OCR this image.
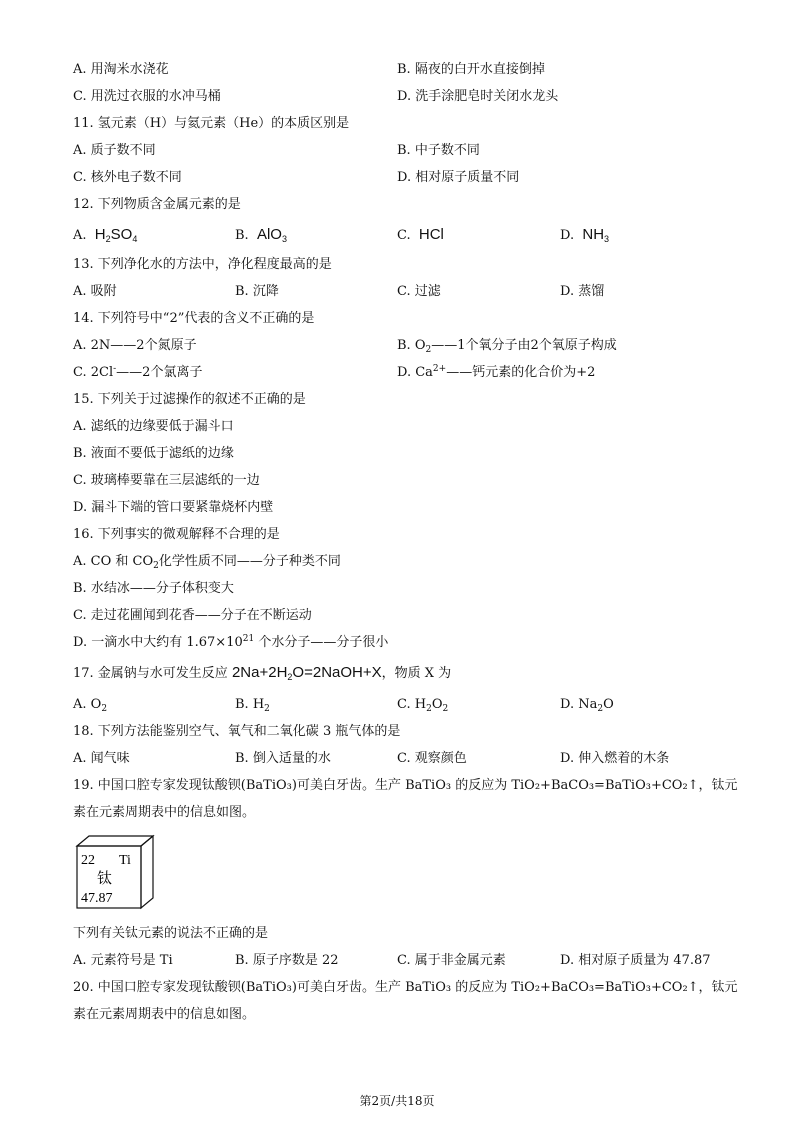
A. 用淘米水浇花	B. 隔夜的白开水直接倒掉
C. 用洗过衣服的水冲马桶	D. 洗手涂肥皂时关闭水龙头
11. 氢元素（H）与氦元素（He）的本质区别是
A. 质子数不同	B. 中子数不同
C. 核外电子数不同	D. 相对原子质量不同
12. 下列物质含金属元素的是
A. $H_2SO_4$	B. AlO$_3$	C. HCl	D. $NH_3$
13. 下列净化水的方法中，净化程度最高的是
A. 吸附	B. 沉降	C. 过滤	D. 蒸馏
14. 下列符号中“2”代表的含义不正确的是
A. 2N——2个氮原子	B. $O_2——1$个氧分子由2个氧原子构成
C. 2Cl-——2个氯离子	D. $Ca^{2+}——$钙元素的化合价为+2
15. 下列关于过滤操作的叙述不正确的是
A. 滤纸的边缘要低于漏斗口
B. 液面不要低于滤纸的边缘
C. 玻璃棒要靠在三层滤纸的一边
D. 漏斗下端的管口要紧靠烧杯内壁
16. 下列事实的微观解释不合理的是
A. CO 和 $CO_2$化学性质不同——分子种类不同
B. 水结冰——分子体积变大
C. 走过花圃闻到花香——分子在不断运动
D. 一滴水中大约有 $1.67\times 10^{21}$ 个水分子——分子很小
17. 金属钠与水可发生反应 $2Na+2H_2O=2NaOH+X$，物质 X 为
A. $O_2$	B. $H_2$	C. $H_2O_2$	D. $Na_2O$
18. 下列方法能鉴别空气、氧气和二氧化碳 3 瓶气体的是
A. 闻气味	B. 倒入适量的水	C. 观察颜色	D. 伸入燃着的木条
19. 中国口腔专家发现钛酸钡(BaTiO₃)可美白牙齿。生产 BaTiO₃ 的反应为 TiO₂+BaCO₃=BaTiO₃+CO₂↑，钛元
素在元素周期表中的信息如图。
22 Ti
钛
47.87
下列有关钛元素的说法不正确的是
A. 元素符号是 Ti	B. 原子序数是 22	C. 属于非金属元素	D. 相对原子质量为 47.87
20. 中国口腔专家发现钛酸钡(BaTiO₃)可美白牙齿。生产 BaTiO₃ 的反应为 TiO₂+BaCO₃=BaTiO₃+CO₂↑，钛元
素在元素周期表中的信息如图。
第2页/共18页
